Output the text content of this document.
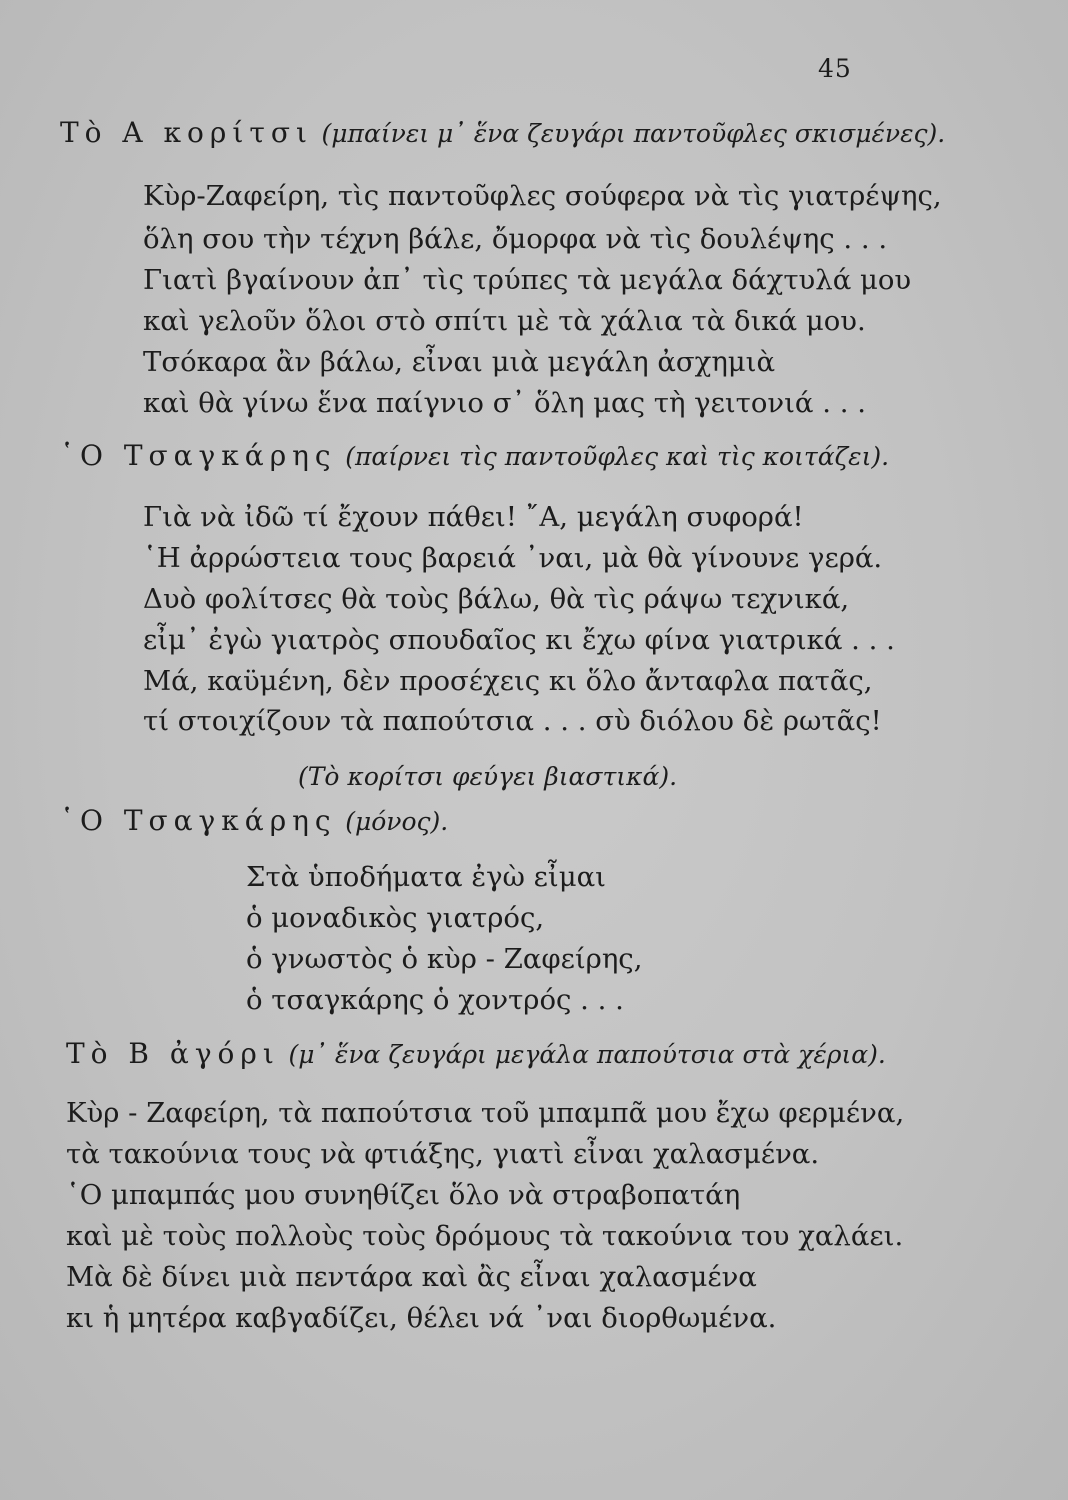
45
Τὸ Α κορίτσι (μπαίνει μ᾽ ἕνα ζευγάρι παντοῦφλες σκισμένες).
Κὺρ-Ζαφείρη, τὶς παντοῦφλες σούφερα νὰ τὶς γιατρέψης,
ὅλη σου τὴν τέχνη βάλε, ὄμορφα νὰ τὶς δουλέψης . . .
Γιατὶ βγαίνουν ἀπ᾽ τὶς τρύπες τὰ μεγάλα δάχτυλά μου
καὶ γελοῦν ὅλοι στὸ σπίτι μὲ τὰ χάλια τὰ δικά μου.
Τσόκαρα ἂν βάλω, εἶναι μιὰ μεγάλη ἀσχημιὰ
καὶ θὰ γίνω ἕνα παίγνιο σ᾽ ὅλη μας τὴ γειτονιά . . .
῾Ο Τσαγκάρης (παίρνει τὶς παντοῦφλες καὶ τὶς κοιτάζει).
Γιὰ νὰ ἰδῶ τί ἔχουν πάθει! ῎Α, μεγάλη συφορά!
῾Η ἀρρώστεια τους βαρειά ᾽ναι, μὰ θὰ γίνουνε γερά.
Δυὸ φολίτσες θὰ τοὺς βάλω, θὰ τὶς ράψω τεχνικά,
εἶμ᾽ ἐγὼ γιατρὸς σπουδαῖος κι ἔχω φίνα γιατρικά . . .
Μά, καϋμένη, δὲν προσέχεις κι ὅλο ἄνταφλα πατᾶς,
τί στοιχίζουν τὰ παπούτσια . . . σὺ διόλου δὲ ρωτᾶς!
(Τὸ κορίτσι φεύγει βιαστικά).
῾Ο Τσαγκάρης (μόνος).
Στὰ ὑποδήματα ἐγὼ εἶμαι
ὁ μοναδικὸς γιατρός,
ὁ γνωστὸς ὁ κὺρ - Ζαφείρης,
ὁ τσαγκάρης ὁ χοντρός . . .
Τὸ Β ἀγόρι (μ᾽ ἕνα ζευγάρι μεγάλα παπούτσια στὰ χέρια).
Κὺρ - Ζαφείρη, τὰ παπούτσια τοῦ μπαμπᾶ μου ἔχω φερμένα,
τὰ τακούνια τους νὰ φτιάξης, γιατὶ εἶναι χαλασμένα.
῾Ο μπαμπάς μου συνηθίζει ὅλο νὰ στραβοπατάη
καὶ μὲ τοὺς πολλοὺς τοὺς δρόμους τὰ τακούνια του χαλάει.
Μὰ δὲ δίνει μιὰ πεντάρα καὶ ἂς εἶναι χαλασμένα
κι ἡ μητέρα καβγαδίζει, θέλει νά ᾽ναι διορθωμένα.
